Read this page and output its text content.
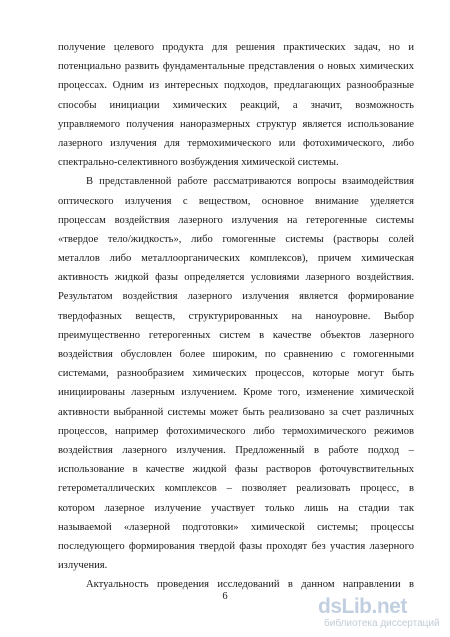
получение целевого продукта для решения практических задач, но и
потенциально развить фундаментальные представления о новых химических
процессах. Одним из интересных подходов, предлагающих разнообразные
способы инициации химических реакций, а значит, возможность
управляемого получения наноразмерных структур является использование
лазерного излучения для термохимического или фотохимического, либо
спектрально-селективного возбуждения химической системы.
В представленной работе рассматриваются вопросы взаимодействия
оптического излучения с веществом, основное внимание уделяется
процессам воздействия лазерного излучения на гетерогенные системы
«твердое тело/жидкость», либо гомогенные системы (растворы солей
металлов либо металлоорганических комплексов), причем химическая
активность жидкой фазы определяется условиями лазерного воздействия.
Результатом воздействия лазерного излучения является формирование
твердофазных веществ, структурированных на наноуровне. Выбор
преимущественно гетерогенных систем в качестве объектов лазерного
воздействия обусловлен более широким, по сравнению с гомогенными
системами, разнообразием химических процессов, которые могут быть
инициированы лазерным излучением. Кроме того, изменение химической
активности выбранной системы может быть реализовано за счет различных
процессов, например фотохимического либо термохимического режимов
воздействия лазерного излучения. Предложенный в работе подход –
использование в качестве жидкой фазы растворов фоточувствительных
гетерометаллических комплексов – позволяет реализовать процесс, в
котором лазерное излучение участвует только лишь на стадии так
называемой «лазерной подготовки» химической системы; процессы
последующего формирования твердой фазы проходят без участия лазерного
излучения.
Актуальность проведения исследований в данном направлении в
6	dsLib.net
библиотека диссертаций
